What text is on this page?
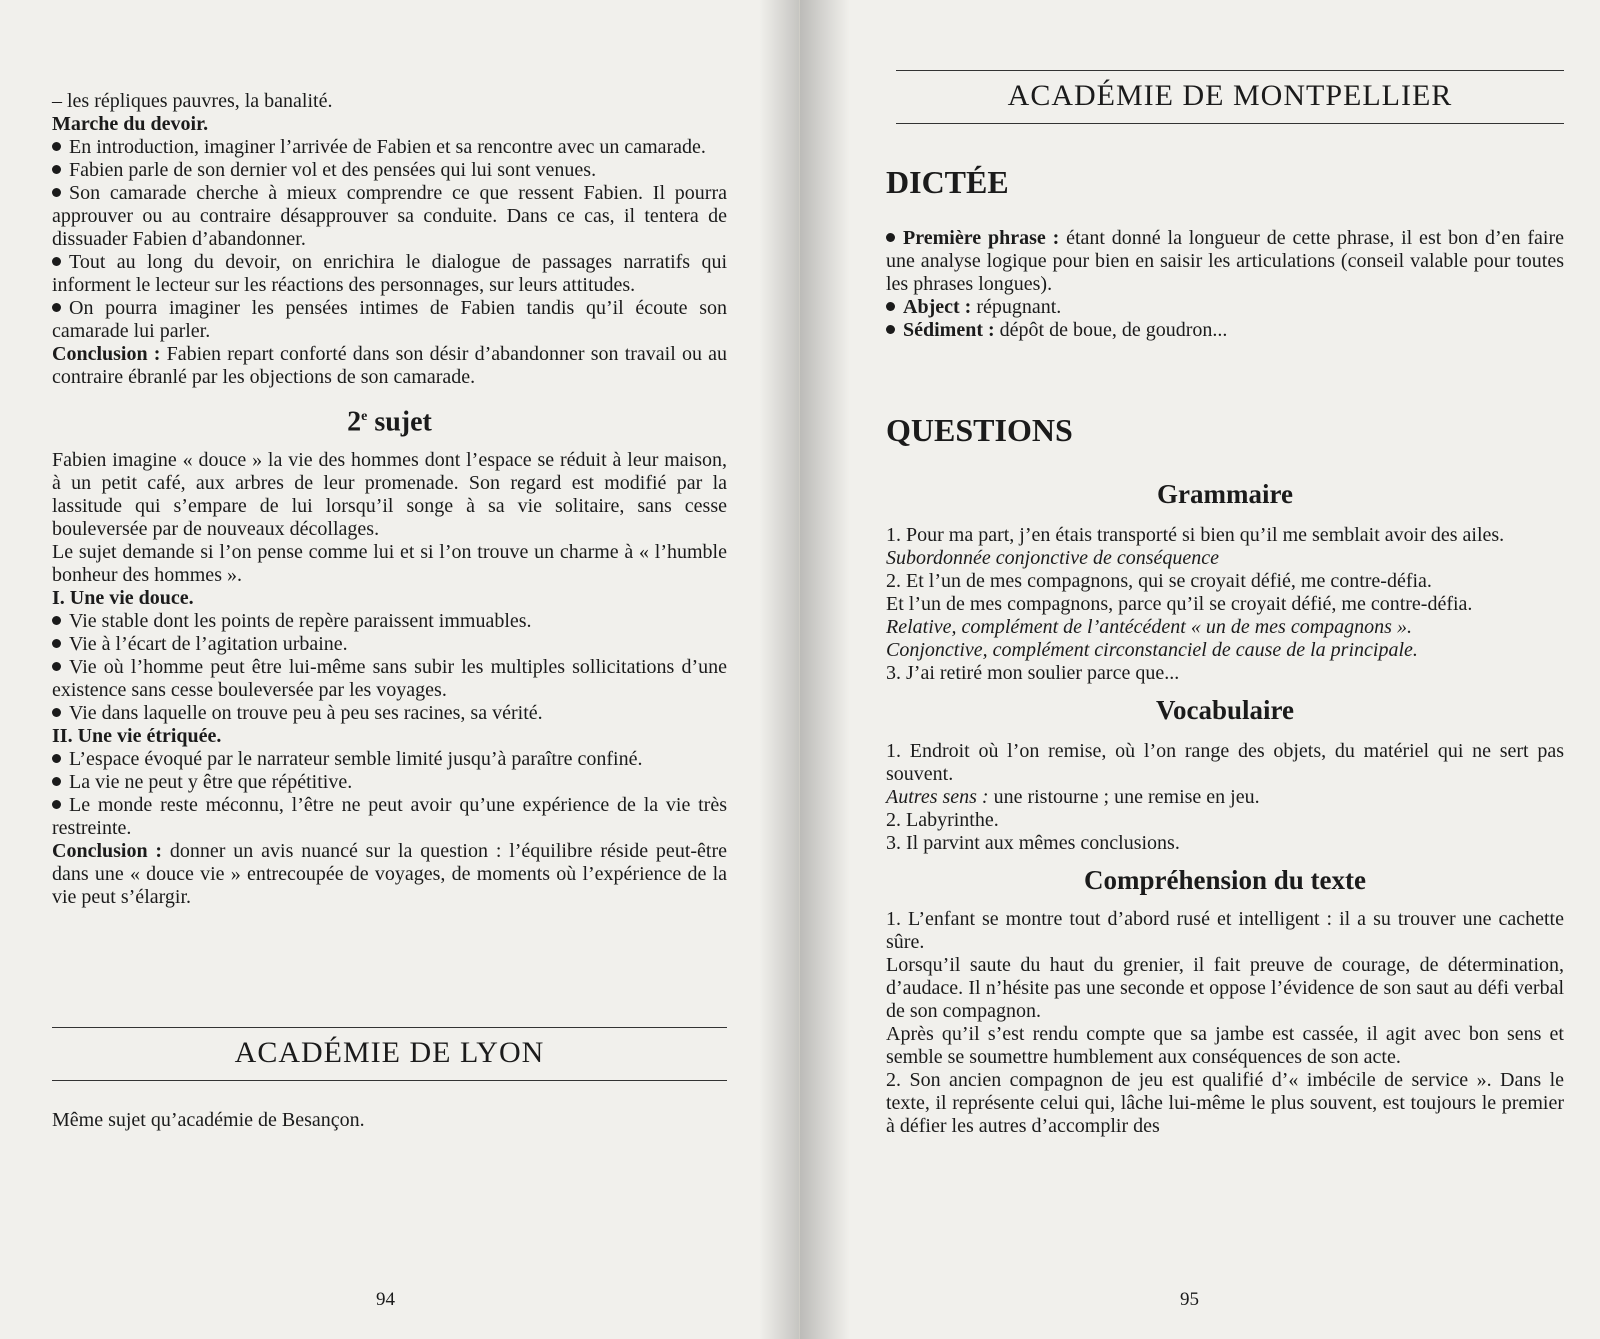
– les répliques pauvres, la banalité.

Marche du devoir.

En introduction, imaginer l’arrivée de Fabien et sa rencontre avec un camarade.

Fabien parle de son dernier vol et des pensées qui lui sont venues.

Son camarade cherche à mieux comprendre ce que ressent Fabien. Il pourra approuver ou au contraire désapprouver sa conduite. Dans ce cas, il tentera de dissuader Fabien d’abandonner.

Tout au long du devoir, on enrichira le dialogue de passages narratifs qui informent le lecteur sur les réactions des personnages, sur leurs attitudes.

On pourra imaginer les pensées intimes de Fabien tandis qu’il écoute son camarade lui parler.

Conclusion : Fabien repart conforté dans son désir d’abandonner son travail ou au contraire ébranlé par les objections de son camarade.

2e sujet

Fabien imagine « douce » la vie des hommes dont l’espace se réduit à leur maison, à un petit café, aux arbres de leur promenade. Son regard est modifié par la lassitude qui s’empare de lui lorsqu’il songe à sa vie solitaire, sans cesse bouleversée par de nouveaux décollages.

Le sujet demande si l’on pense comme lui et si l’on trouve un charme à « l’humble bonheur des hommes ».

I. Une vie douce.

Vie stable dont les points de repère paraissent immuables.

Vie à l’écart de l’agitation urbaine.

Vie où l’homme peut être lui-même sans subir les multiples sollicitations d’une existence sans cesse bouleversée par les voyages.

Vie dans laquelle on trouve peu à peu ses racines, sa vérité.

II. Une vie étriquée.

L’espace évoqué par le narrateur semble limité jusqu’à paraître confiné.

La vie ne peut y être que répétitive.

Le monde reste méconnu, l’être ne peut avoir qu’une expérience de la vie très restreinte.

Conclusion : donner un avis nuancé sur la question : l’équilibre réside peut-être dans une « douce vie » entrecoupée de voyages, de moments où l’expérience de la vie peut s’élargir.

ACADÉMIE DE LYON

Même sujet qu’académie de Besançon.

94
ACADÉMIE DE MONTPELLIER
DICTÉE

Première phrase : étant donné la longueur de cette phrase, il est bon d’en faire une analyse logique pour bien en saisir les articulations (conseil valable pour toutes les phrases longues).

Abject : répugnant.

Sédiment : dépôt de boue, de goudron...

QUESTIONS
Grammaire

1. Pour ma part, j’en étais transporté si bien qu’il me semblait avoir des ailes.

Subordonnée conjonctive de conséquence

2. Et l’un de mes compagnons, qui se croyait défié, me contre-défia.

Et l’un de mes compagnons, parce qu’il se croyait défié, me contre-défia.

Relative, complément de l’antécédent « un de mes compagnons ».

Conjonctive, complément circonstanciel de cause de la principale.

3. J’ai retiré mon soulier parce que...

Vocabulaire

1. Endroit où l’on remise, où l’on range des objets, du matériel qui ne sert pas souvent.

Autres sens : une ristourne ; une remise en jeu.

2. Labyrinthe.

3. Il parvint aux mêmes conclusions.

Compréhension du texte

1. L’enfant se montre tout d’abord rusé et intelligent : il a su trouver une cachette sûre.

Lorsqu’il saute du haut du grenier, il fait preuve de courage, de détermination, d’audace. Il n’hésite pas une seconde et oppose l’évidence de son saut au défi verbal de son compagnon.

Après qu’il s’est rendu compte que sa jambe est cassée, il agit avec bon sens et semble se soumettre humblement aux conséquences de son acte.

2. Son ancien compagnon de jeu est qualifié d’« imbécile de service ». Dans le texte, il représente celui qui, lâche lui-même le plus souvent, est toujours le premier à défier les autres d’accomplir des

95
